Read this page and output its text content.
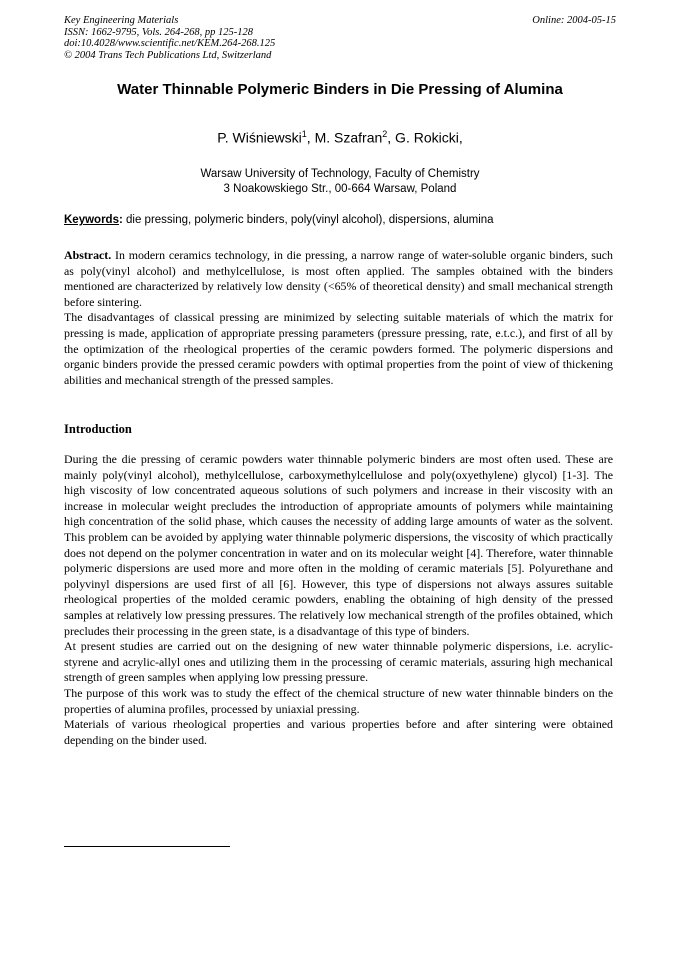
Key Engineering Materials
ISSN: 1662-9795, Vols. 264-268, pp 125-128
doi:10.4028/www.scientific.net/KEM.264-268.125
© 2004 Trans Tech Publications Ltd, Switzerland
Online: 2004-05-15
Water Thinnable Polymeric Binders in Die Pressing of Alumina
P. Wiśniewski$^1$, M. Szafran$^2$, G. Rokicki,
Warsaw University of Technology, Faculty of Chemistry
3 Noakowskiego Str., 00-664 Warsaw, Poland
Keywords: die pressing, polymeric binders, poly(vinyl alcohol), dispersions, alumina

Abstract. In modern ceramics technology, in die pressing, a narrow range of water-soluble organic binders, such as poly(vinyl alcohol) and methylcellulose, is most often applied. The samples obtained with the binders mentioned are characterized by relatively low density (<65% of theoretical density) and small mechanical strength before sintering.

The disadvantages of classical pressing are minimized by selecting suitable materials of which the matrix for pressing is made, application of appropriate pressing parameters (pressure pressing, rate, e.t.c.), and first of all by the optimization of the rheological properties of the ceramic powders formed. The polymeric dispersions and organic binders provide the pressed ceramic powders with optimal properties from the point of view of thickening abilities and mechanical strength of the pressed samples.

Introduction

During the die pressing of ceramic powders water thinnable polymeric binders are most often used. These are mainly poly(vinyl alcohol), methylcellulose, carboxymethylcellulose and poly(oxyethylene) glycol) [1-3]. The high viscosity of low concentrated aqueous solutions of such polymers and increase in their viscosity with an increase in molecular weight precludes the introduction of appropriate amounts of polymers while maintaining high concentration of the solid phase, which causes the necessity of adding large amounts of water as the solvent. This problem can be avoided by applying water thinnable polymeric dispersions, the viscosity of which practically does not depend on the polymer concentration in water and on its molecular weight [4]. Therefore, water thinnable polymeric dispersions are used more and more often in the molding of ceramic materials [5]. Polyurethane and polyvinyl dispersions are used first of all [6]. However, this type of dispersions not always assures suitable rheological properties of the molded ceramic powders, enabling the obtaining of high density of the pressed samples at relatively low pressing pressures. The relatively low mechanical strength of the profiles obtained, which precludes their processing in the green state, is a disadvantage of this type of binders.

At present studies are carried out on the designing of new water thinnable polymeric dispersions, i.e. acrylic-styrene and acrylic-allyl ones and utilizing them in the processing of ceramic materials, assuring high mechanical strength of green samples when applying low pressing pressure.

The purpose of this work was to study the effect of the chemical structure of new water thinnable binders on the properties of alumina profiles, processed by uniaxial pressing.

Materials of various rheological properties and various properties before and after sintering were obtained depending on the binder used.
